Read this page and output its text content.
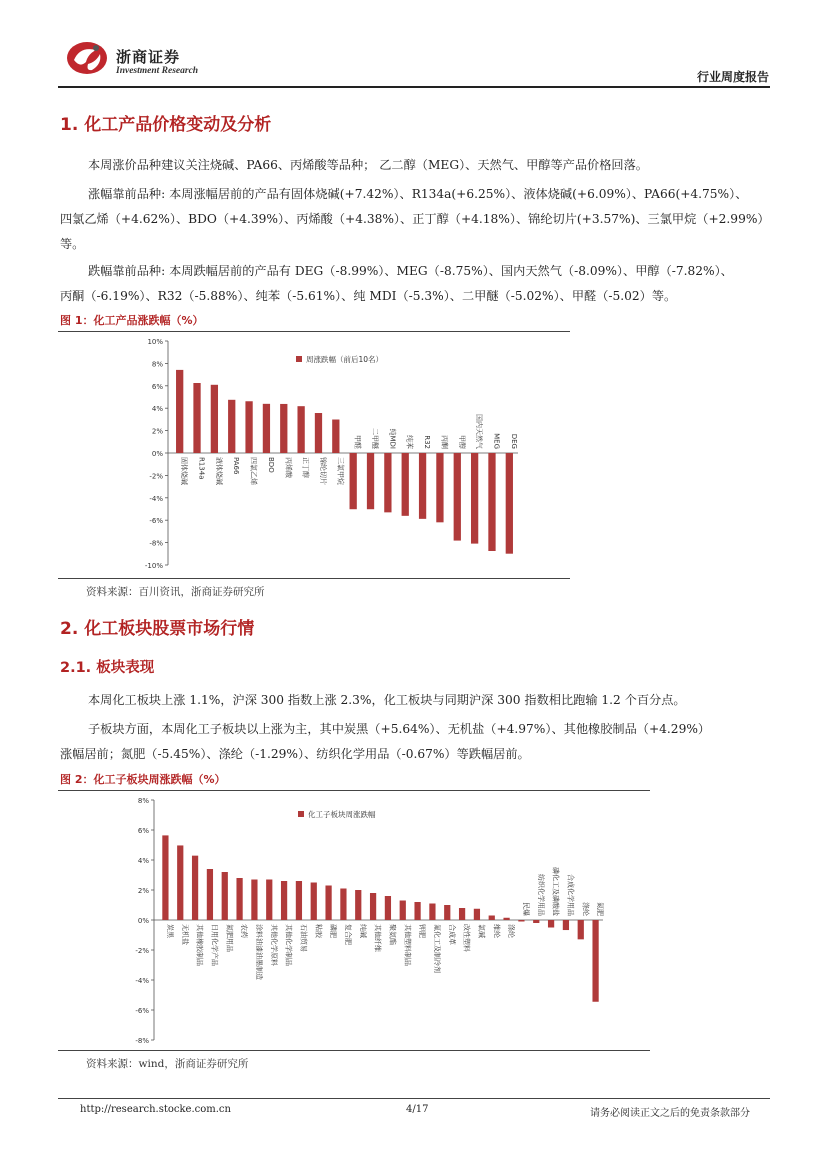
浙商证券
Investment Research	行业周度报告
1. 化工产品价格变动及分析
本周涨价品种建议关注烧碱、PA66、丙烯酸等品种； 乙二醇（MEG）、天然气、甲醇等产品价格回落。
涨幅靠前品种: 本周涨幅居前的产品有固体烧碱(+7.42%）、R134a(+6.25%）、液体烧碱(+6.09%）、PA66(+4.75%）、
四氯乙烯（+4.62%）、BDO（+4.39%）、丙烯酸（+4.38%）、正丁醇（+4.18%）、锦纶切片(+3.57%)、三氯甲烷（+2.99%）
等。
跌幅靠前品种: 本周跌幅居前的产品有 DEG（-8.99%）、MEG（-8.75%）、国内天然气（-8.09%）、甲醇（-7.82%）、
丙酮（-6.19%）、R32（-5.88%）、纯苯（-5.61%）、纯 MDI（-5.3%）、二甲醚（-5.02%）、甲醛（-5.02）等。
图 1：化工产品涨跌幅（%）
10%
8%
6%
4%
2%
0%
-2%
-4%
-6%
-8%
-10%
固体烧碱 R134a 液体烧碱 PA66 四氯乙烯 BDO 丙烯酸 正丁醇 锦纶切片 三氯甲烷
甲醛 二甲醚 纯MDI 纯苯 R32 丙酮 甲醇 国内天然气 MEG DEG
周涨跌幅（前后10名）
资料来源：百川资讯，浙商证券研究所
2. 化工板块股票市场行情
2.1. 板块表现
本周化工板块上涨 1.1%，沪深 300 指数上涨 2.3%，化工板块与同期沪深 300 指数相比跑输 1.2 个百分点。
子板块方面，本周化工子板块以上涨为主，其中炭黑（+5.64%）、无机盐（+4.97%）、其他橡胶制品（+4.29%）
涨幅居前；氮肥（-5.45%）、涤纶（-1.29%）、纺织化学用品（-0.67%）等跌幅居前。
图 2：化工子板块周涨跌幅（%）
8%
6%
4%
2%
0%
-2%
-4%
-6%
-8%
炭黑 无机盐 其他橡胶制品 日用化学产品 氮肥用品 农药 涂料油漆油墨制造 其他化学原料 其他化学制品 石油贸易 粘胶 磷肥 复合肥 纯碱 其他纤维 聚氨酯 其他塑料制品 钾肥 氟化工及制冷剂 合成革 改性塑料 氯碱 维纶 涤纶
民爆 纺织化学用品 磷化工及磷酸盐 合成化学用品 涤纶 氮肥
化工子板块周涨跌幅
资料来源：wind，浙商证券研究所
http://research.stocke.com.cn	4/17	请务必阅读正文之后的免责条款部分
